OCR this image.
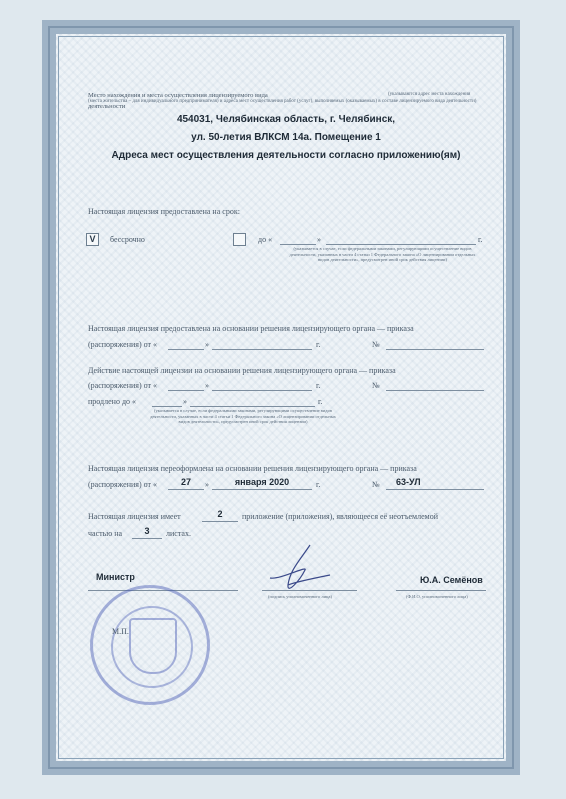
Место нахождения и места осуществления лицензируемого вида деятельности
(указываются адрес места нахождения
(места жительства – для индивидуального предпринимателя) и адреса мест осуществления работ (услуг), выполняемых (оказываемых) в составе лицензируемого вида деятельности)
454031, Челябинская область, г. Челябинск,
ул. 50-летия ВЛКСМ 14а. Помещение 1
Адреса мест осуществления деятельности согласно приложению(ям)
Настоящая лицензия предоставлена на срок:
V	бессрочно	до «	»	г.
(указывается в случае, если федеральными законами, регулирующими осуществление видов деятельности, указанных в части 4 статьи 1 Федерального закона «О лицензировании отдельных видов деятельности», предусмотрен иной срок действия лицензии)
Настоящая лицензия предоставлена на основании решения лицензирующего органа — приказа
(распоряжения) от «	»	г.	№
Действие настоящей лицензии на основании решения лицензирующего органа — приказа
(распоряжения) от «	»	г.	№
продлено до «	»	г.
(указывается в случае, если федеральными законами, регулирующими осуществление видов деятельности, указанных в части 4 статьи 1 Федерального закона «О лицензировании отдельных видов деятельности», предусмотрен иной срок действия лицензии)
Настоящая лицензия переоформлена на основании решения лицензирующего органа — приказа
(распоряжения) от «	27	»	января 2020	г.	№ 63-УЛ
Настоящая лицензия имеет	2	приложение (приложения), являющееся её неотъемлемой
частью на	3	листах.
Министр
(подпись уполномоченного лица)
Ю.А. Семёнов
(Ф.И.О. уполномоченного лица)
М.П.
